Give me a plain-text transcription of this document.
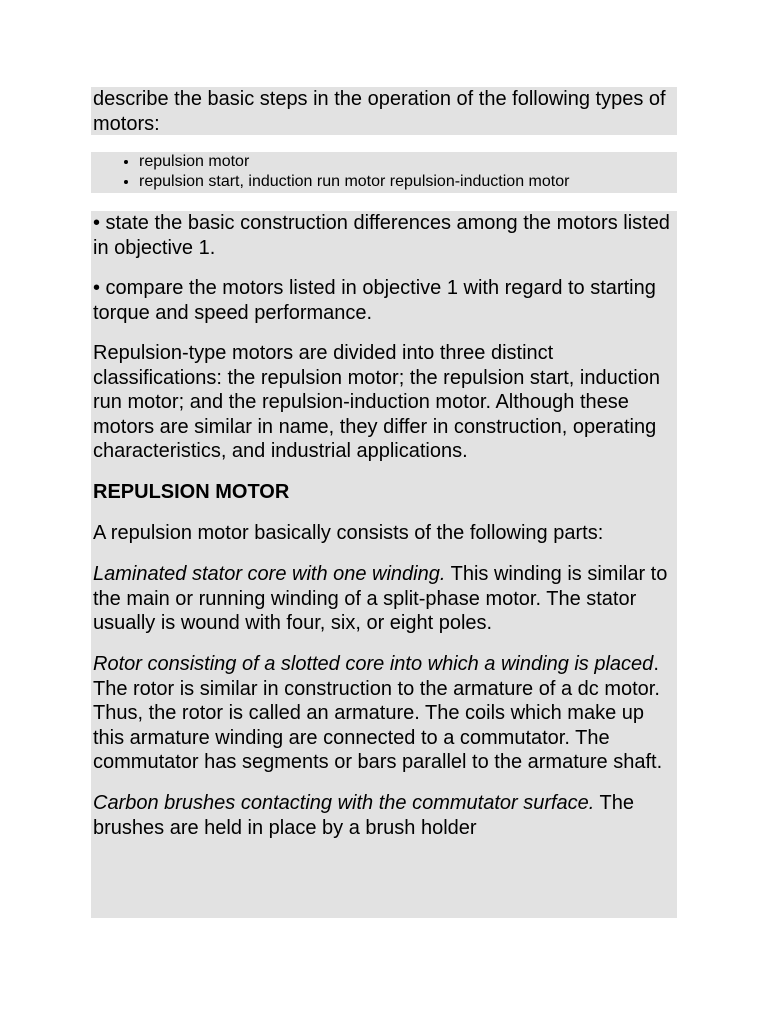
describe the basic steps in the operation of the following types of motors:
• repulsion motor
• repulsion start, induction run motor repulsion-induction motor

• state the basic construction differences among the motors listed in objective 1.

• compare the motors listed in objective 1 with regard to starting torque and speed performance.

Repulsion-type motors are divided into three distinct classifications: the repulsion motor; the repulsion start, induction run motor; and the repulsion-induction motor. Although these motors are similar in name, they differ in construction, operating characteristics, and industrial applications.

REPULSION MOTOR

A repulsion motor basically consists of the following parts:

Laminated stator core with one winding. This winding is similar to the main or running winding of a split-phase motor. The stator usually is wound with four, six, or eight poles.

Rotor consisting of a slotted core into which a winding is placed. The rotor is similar in construction to the armature of a dc motor. Thus, the rotor is called an armature. The coils which make up this armature winding are connected to a commutator. The commutator has segments or bars parallel to the armature shaft.

Carbon brushes contacting with the commutator surface. The brushes are held in place by a brush holder
